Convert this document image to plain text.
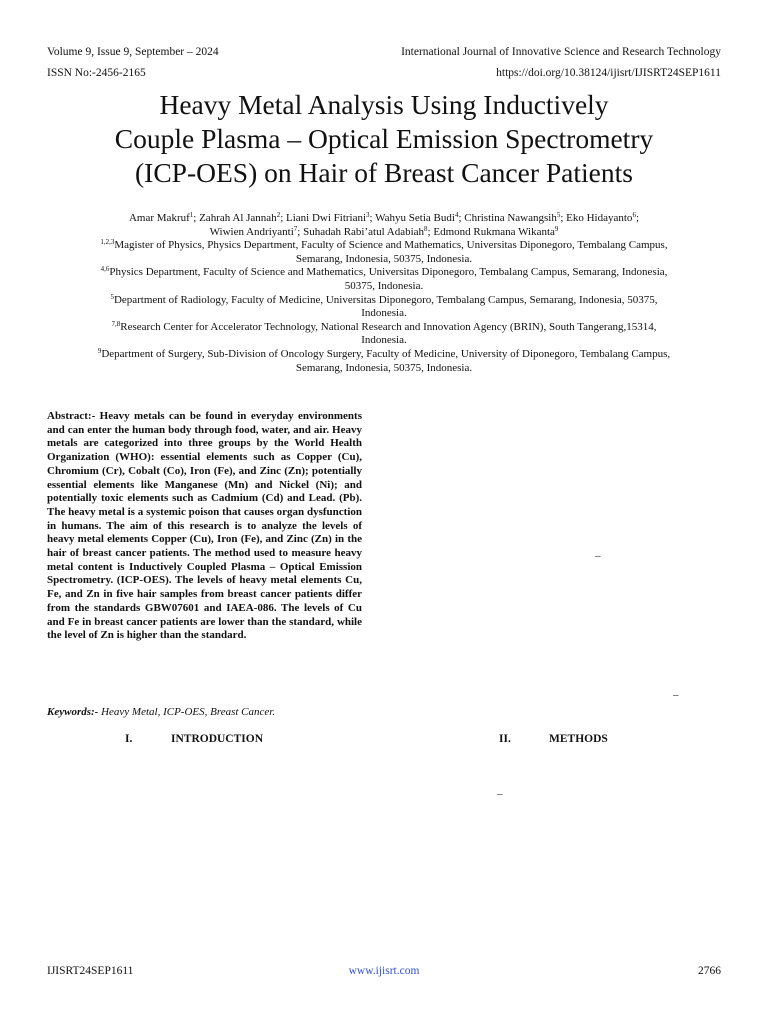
Volume 9, Issue 9, September – 2024	International Journal of Innovative Science and Research Technology
ISSN No:-2456-2165	https://doi.org/10.38124/ijisrt/IJISRT24SEP1611
Heavy Metal Analysis Using Inductively
Couple Plasma – Optical Emission Spectrometry
(ICP-OES) on Hair of Breast Cancer Patients
Amar Makruf$^1$; Zahrah Al Jannah$^2$; Liani Dwi Fitriani$^3$; Wahyu Setia Budi$^4$; Christina Nawangsih$^5$; Eko Hidayanto$^6$;
Wiwien Andriyanti$^7$; Suhadah Rabi’atul Adabiah$^8$; Edmond Rukmana Wikanta$^9$
$^{1,2,3}$Magister of Physics, Physics Department, Faculty of Science and Mathematics, Universitas Diponegoro, Tembalang Campus,
Semarang, Indonesia, 50375, Indonesia.
$^{4,6}$Physics Department, Faculty of Science and Mathematics, Universitas Diponegoro, Tembalang Campus, Semarang, Indonesia,
50375, Indonesia.
$^5$Department of Radiology, Faculty of Medicine, Universitas Diponegoro, Tembalang Campus, Semarang, Indonesia, 50375,
Indonesia.
$^{7,8}$Research Center for Accelerator Technology, National Research and Innovation Agency (BRIN), South Tangerang,15314,
Indonesia.
$^9$Department of Surgery, Sub-Division of Oncology Surgery, Faculty of Medicine, University of Diponegoro, Tembalang Campus,
Semarang, Indonesia, 50375, Indonesia.

Abstract:- Heavy metals can be found in everyday environments and can enter the human body through food, water, and air. Heavy metals are categorized into three groups by the World Health Organization (WHO): essential elements such as Copper (Cu), Chromium (Cr), Cobalt (Co), Iron (Fe), and Zinc (Zn); potentially essential elements like Manganese (Mn) and Nickel (Ni); and potentially toxic elements such as Cadmium (Cd) and Lead. (Pb). The heavy metal is a systemic poison that causes organ dysfunction in humans. The aim of this research is to analyze the levels of heavy metal elements Copper (Cu), Iron (Fe), and Zinc (Zn) in the hair of breast cancer patients. The method used to measure heavy metal content is Inductively Coupled Plasma – Optical Emission Spectrometry. (ICP-OES). The levels of heavy metal elements Cu, Fe, and Zn in five hair samples from breast cancer patients differ from the standards GBW07601 and IAEA-086. The levels of Cu and Fe in breast cancer patients are lower than the standard, while the level of Zn is higher than the standard.

Keywords:- Heavy Metal, ICP-OES, Breast Cancer.
I.	INTRODUCTION	II.	METHODS
–
–
–
IJISRT24SEP1611	www.ijisrt.com	2766
